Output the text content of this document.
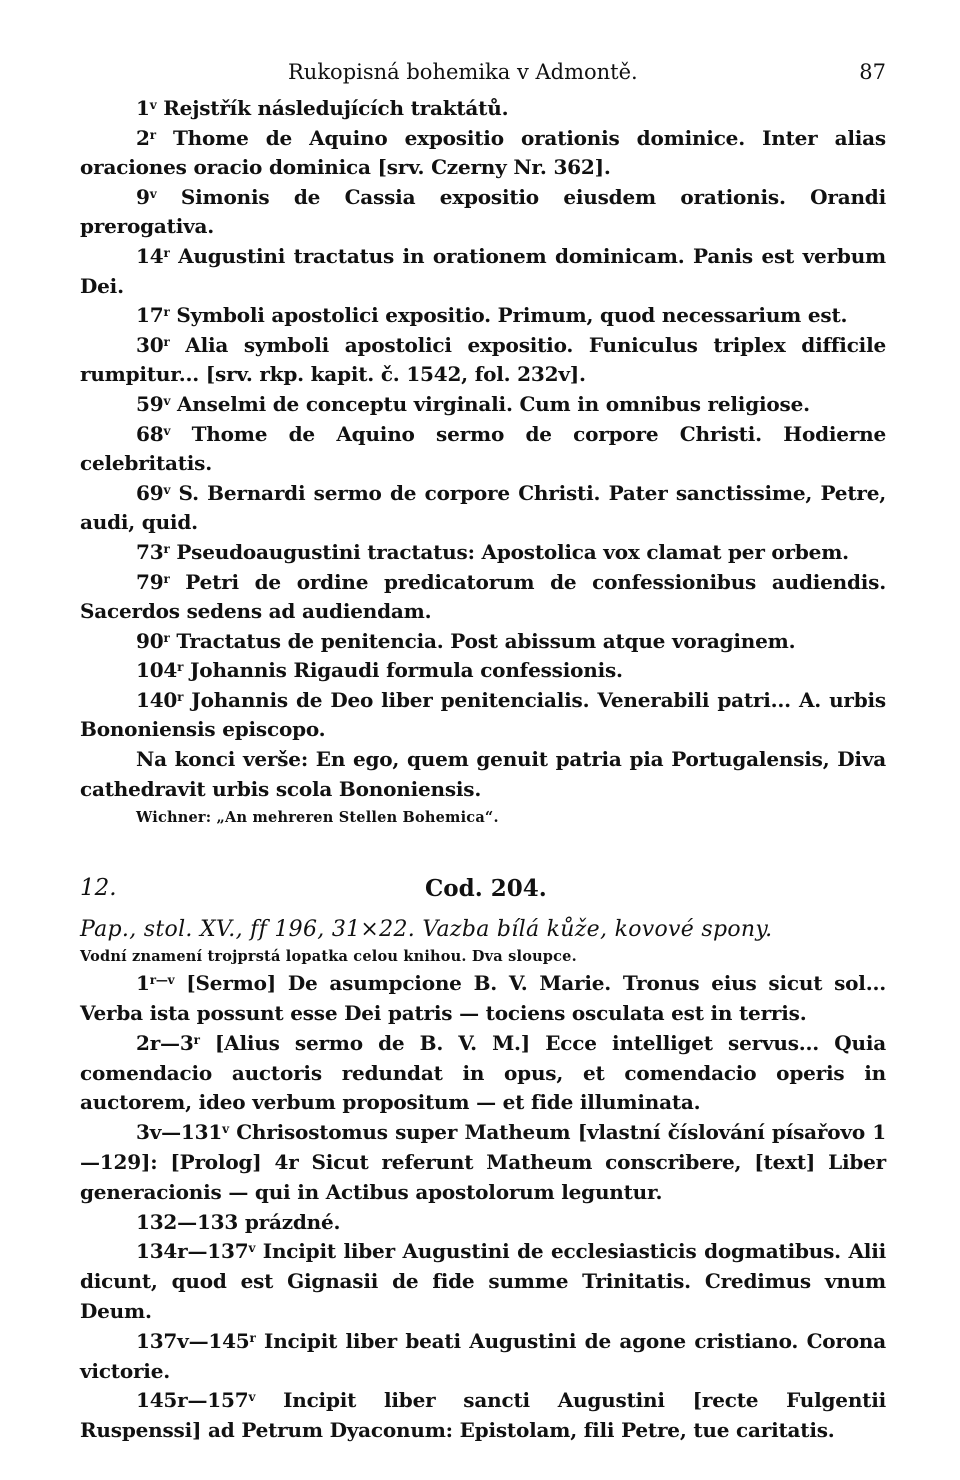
Rukopisná bohemika v Admontě.	87

1$^v$ Rejstřík následujících traktátů.

2$^r$ Thome de Aquino expositio orationis dominice. Inter alias oraciones oracio dominica [srv. Czerny Nr. 362].

9$^v$ Simonis de Cassia expositio eiusdem orationis. Orandi prerogativa.

14$^r$ Augustini tractatus in orationem dominicam. Panis est verbum Dei.

17$^r$ Symboli apostolici expositio. Primum, quod necessarium est.

30$^r$ Alia symboli apostolici expositio. Funiculus triplex difficile rumpitur... [srv. rkp. kapit. č. 1542, fol. 232v].

59$^v$ Anselmi de conceptu virginali. Cum in omnibus religiose.

68$^v$ Thome de Aquino sermo de corpore Christi. Hodierne celebritatis.

69$^v$ S. Bernardi sermo de corpore Christi. Pater sanctissime, Petre, audi, quid.

73$^r$ Pseudoaugustini tractatus: Apostolica vox clamat per orbem.

79$^r$ Petri de ordine predicatorum de confessionibus audiendis. Sacerdos sedens ad audiendam.

90$^r$ Tractatus de penitencia. Post abissum atque voraginem.

104$^r$ Johannis Rigaudi formula confessionis.

140$^r$ Johannis de Deo liber penitencialis. Venerabili patri... A. urbis Bononiensis episcopo.

Na konci verše: En ego, quem genuit patria pia Portugalensis, Diva cathedravit urbis scola Bononiensis.

Wichner: „An mehreren Stellen Bohemica“.

12.	Cod. 204.

Pap., stol. XV., ff 196, 31×22. Vazba bílá kůže, kovové spony.

Vodní znamení trojprstá lopatka celou knihou. Dva sloupce.

$1^{r—v}$ [Sermo] De asumpcione B. V. Marie. Tronus eius sicut sol... Verba ista possunt esse Dei patris — tociens osculata est in terris.

2r—3$^r$ [Alius sermo de B. V. M.] Ecce intelliget servus... Quia comendacio auctoris redundat in opus, et comendacio operis in auctorem, ideo verbum propositum — et fide illuminata.

3v—131$^v$ Chrisostomus super Matheum [vlastní číslování písařovo 1—129]: [Prolog] 4r Sicut referunt Matheum conscribere, [text] Liber generacionis — qui in Actibus apostolorum leguntur.

132—133 prázdné.

134r—137$^v$ Incipit liber Augustini de ecclesiasticis dogmatibus. Alii dicunt, quod est Gignasii de fide summe Trinitatis. Credimus vnum Deum.

137v—145$^r$ Incipit liber beati Augustini de agone cristiano. Corona victorie.

145r—157$^v$ Incipit liber sancti Augustini [recte Fulgentii Ruspenssi] ad Petrum Dyaconum: Epistolam, fili Petre, tue caritatis.
